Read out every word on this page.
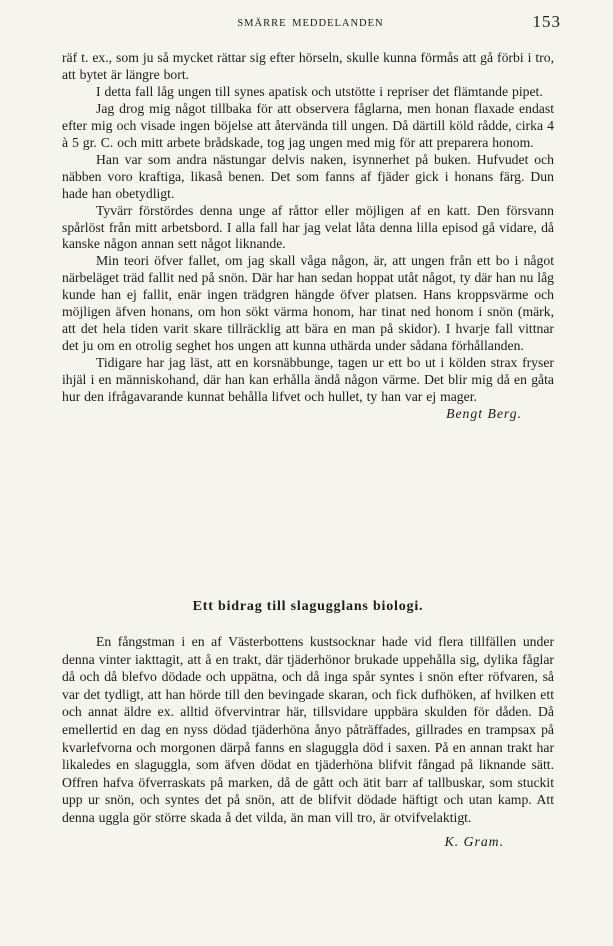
SMÄRRE MEDDELANDEN	153

räf t. ex., som ju så mycket rättar sig efter hörseln, skulle kunna förmås att gå förbi i tro, att bytet är längre bort.

I detta fall låg ungen till synes apatisk och utstötte i repriser det flämtande pipet.

Jag drog mig något tillbaka för att observera fåglarna, men honan flaxade endast efter mig och visade ingen böjelse att återvända till ungen. Då därtill köld rådde, cirka 4 à 5 gr. C. och mitt arbete brådskade, tog jag ungen med mig för att preparera honom.

Han var som andra nästungar delvis naken, isynnerhet på buken. Hufvudet och näbben voro kraftiga, likaså benen. Det som fanns af fjäder gick i honans färg. Dun hade han obetydligt.

Tyvärr förstördes denna unge af råttor eller möjligen af en katt. Den försvann spårlöst från mitt arbetsbord. I alla fall har jag velat låta denna lilla episod gå vidare, då kanske någon annan sett något liknande.

Min teori öfver fallet, om jag skall våga någon, är, att ungen från ett bo i något närbeläget träd fallit ned på snön. Där har han sedan hoppat utåt något, ty där han nu låg kunde han ej fallit, enär ingen trädgren hängde öfver platsen. Hans kroppsvärme och möjligen äfven honans, om hon sökt värma honom, har tinat ned honom i snön (märk, att det hela tiden varit skare tillräcklig att bära en man på skidor). I hvarje fall vittnar det ju om en otrolig seghet hos ungen att kunna uthärda under sådana förhållanden.

Tidigare har jag läst, att en korsnäbbunge, tagen ur ett bo ut i kölden strax fryser ihjäl i en människohand, där han kan erhålla ändå någon värme. Det blir mig då en gåta hur den ifrågavarande kunnat behålla lifvet och hullet, ty han var ej mager.

Bengt Berg.

Ett bidrag till slagugglans biologi.

En fångstman i en af Västerbottens kustsocknar hade vid flera tillfällen under denna vinter iakttagit, att å en trakt, där tjäderhönor brukade uppehålla sig, dylika fåglar då och då blefvo dödade och uppätna, och då inga spår syntes i snön efter röfvaren, så var det tydligt, att han hörde till den bevingade skaran, och fick dufhöken, af hvilken ett och annat äldre ex. alltid öfvervintrar här, tillsvidare uppbära skulden för dåden. Då emellertid en dag en nyss dödad tjäderhöna ånyo påträffades, gillrades en trampsax på kvarlefvorna och morgonen därpå fanns en slaguggla död i saxen. På en annan trakt har likaledes en slaguggla, som äfven dödat en tjäderhöna blifvit fångad på liknande sätt. Offren hafva öfverraskats på marken, då de gått och ätit barr af tallbuskar, som stuckit upp ur snön, och syntes det på snön, att de blifvit dödade häftigt och utan kamp. Att denna uggla gör större skada å det vilda, än man vill tro, är otvifvelaktigt.

K. Gram.
